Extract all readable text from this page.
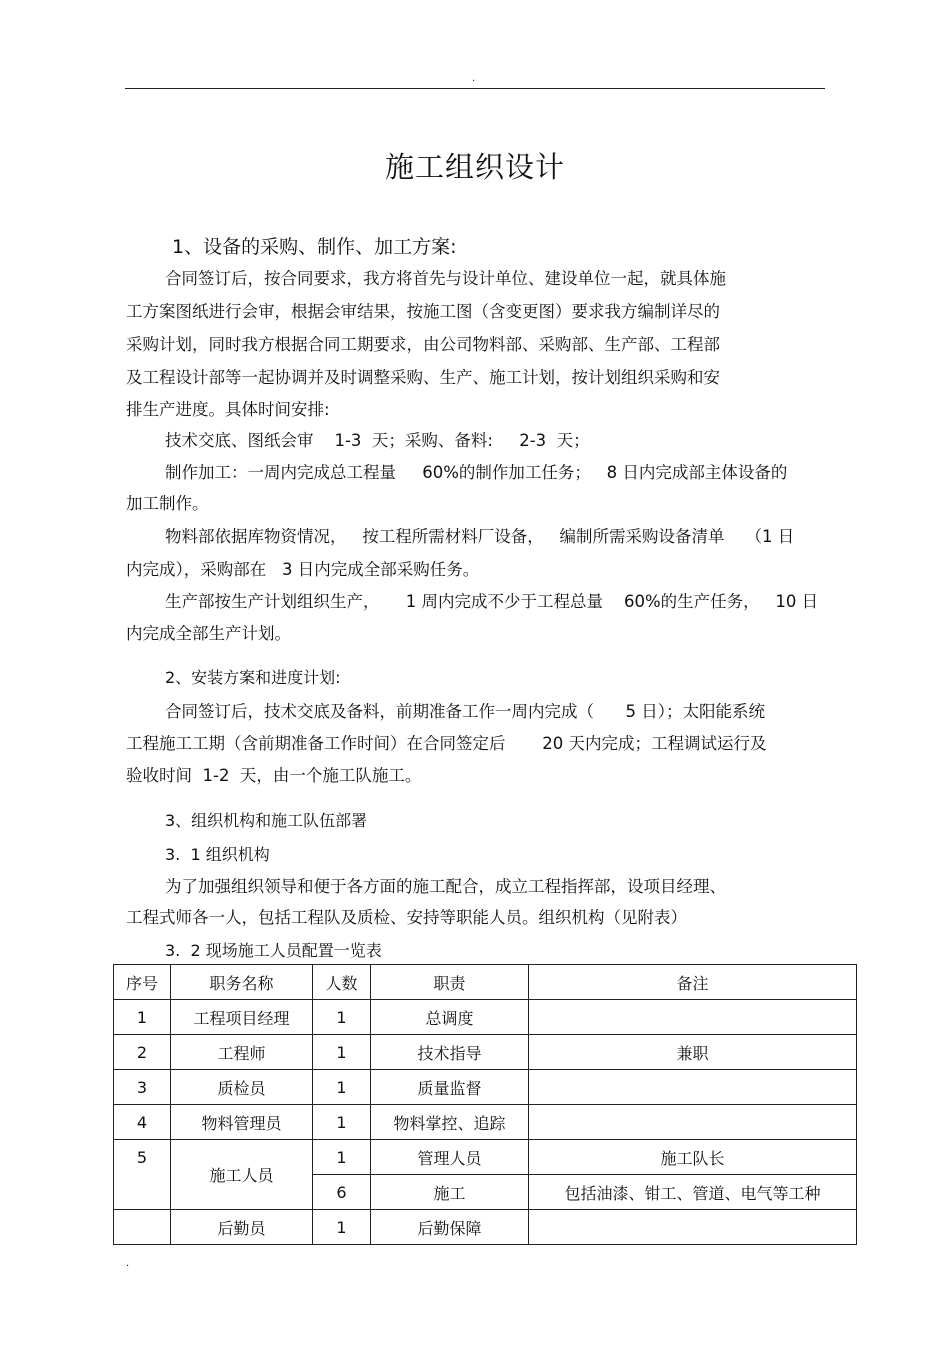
.
施工组织设计
1、设备的采购、制作、加工方案:
合同签订后，按合同要求，我方将首先与设计单位、建设单位一起，就具体施
工方案图纸进行会审，根据会审结果，按施工图（含变更图）要求我方编制详尽的
采购计划，同时我方根据合同工期要求，由公司物料部、采购部、生产部、工程部
及工程设计部等一起协调并及时调整采购、生产、施工计划，按计划组织采购和安
排生产进度。具体时间安排:
技术交底、图纸会审    1-3  天；采购、备料:     2-3  天；
制作加工：一周内完成总工程量     60%的制作加工任务；   8 日内完成部主体设备的
加工制作。
物料部依据库物资情况，   按工程所需材料厂设备，   编制所需采购设备清单    （1 日
内完成），采购部在   3 日内完成全部采购任务。
生产部按生产计划组织生产，     1 周内完成不少于工程总量    60%的生产任务，   10 日
内完成全部生产计划。
2、安装方案和进度计划:
合同签订后，技术交底及备料，前期准备工作一周内完成（      5 日）；太阳能系统
工程施工工期（含前期准备工作时间）在合同签定后       20 天内完成；工程调试运行及
验收时间  1-2  天，由一个施工队施工。
3、组织机构和施工队伍部署
3.  1 组织机构
为了加强组织领导和便于各方面的施工配合，成立工程指挥部，设项目经理、
工程式师各一人，包括工程队及质检、安持等职能人员。组织机构（见附表）
3.  2 现场施工人员配置一览表
序号	职务名称	人数	职责	备注
1	工程项目经理	1	总调度	
2	工程师	1	技术指导	兼职
3	质检员	1	质量监督	
4	物料管理员	1	物料掌控、追踪	
5	施工人员	1	管理人员	施工队长
		6	施工	包括油漆、钳工、管道、电气等工种
	后勤员	1	后勤保障	
.
